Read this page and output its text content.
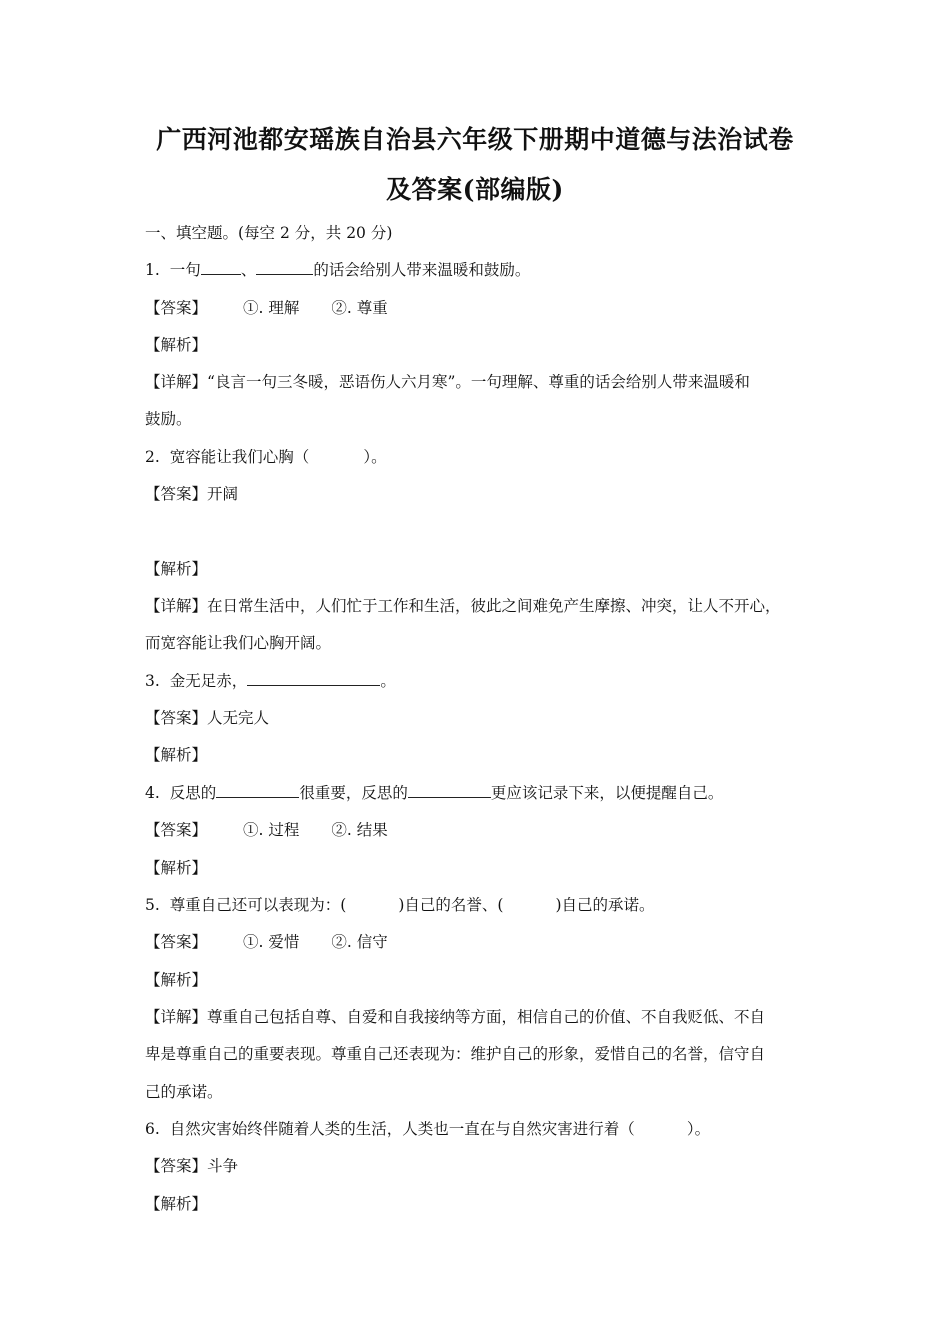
广西河池都安瑶族自治县六年级下册期中道德与法治试卷
及答案(部编版)
一、填空题。(每空 2 分，共 20 分)
1. 一句	、	的话会给别人带来温暖和鼓励。
【答案】 ①. 理解 ②. 尊重
【解析】
【详解】“良言一句三冬暖，恶语伤人六月寒”。一句理解、尊重的话会给别人带来温暖和
鼓励。
2. 宽容能让我们心胸（	）。
【答案】开阔
【解析】
【详解】在日常生活中，人们忙于工作和生活，彼此之间难免产生摩擦、冲突，让人不开心，
而宽容能让我们心胸开阔。
3. 金无足赤，	。
【答案】人无完人
【解析】
4. 反思的	很重要，反思的	更应该记录下来，以便提醒自己。
【答案】 ①. 过程 ②. 结果
【解析】
5. 尊重自己还可以表现为：(	)自己的名誉、(	)自己的承诺。
【答案】 ①. 爱惜 ②. 信守
【解析】
【详解】尊重自己包括自尊、自爱和自我接纳等方面，相信自己的价值、不自我贬低、不自
卑是尊重自己的重要表现。尊重自己还表现为：维护自己的形象，爱惜自己的名誉，信守自
己的承诺。
6. 自然灾害始终伴随着人类的生活，人类也一直在与自然灾害进行着（	）。
【答案】斗争
【解析】
